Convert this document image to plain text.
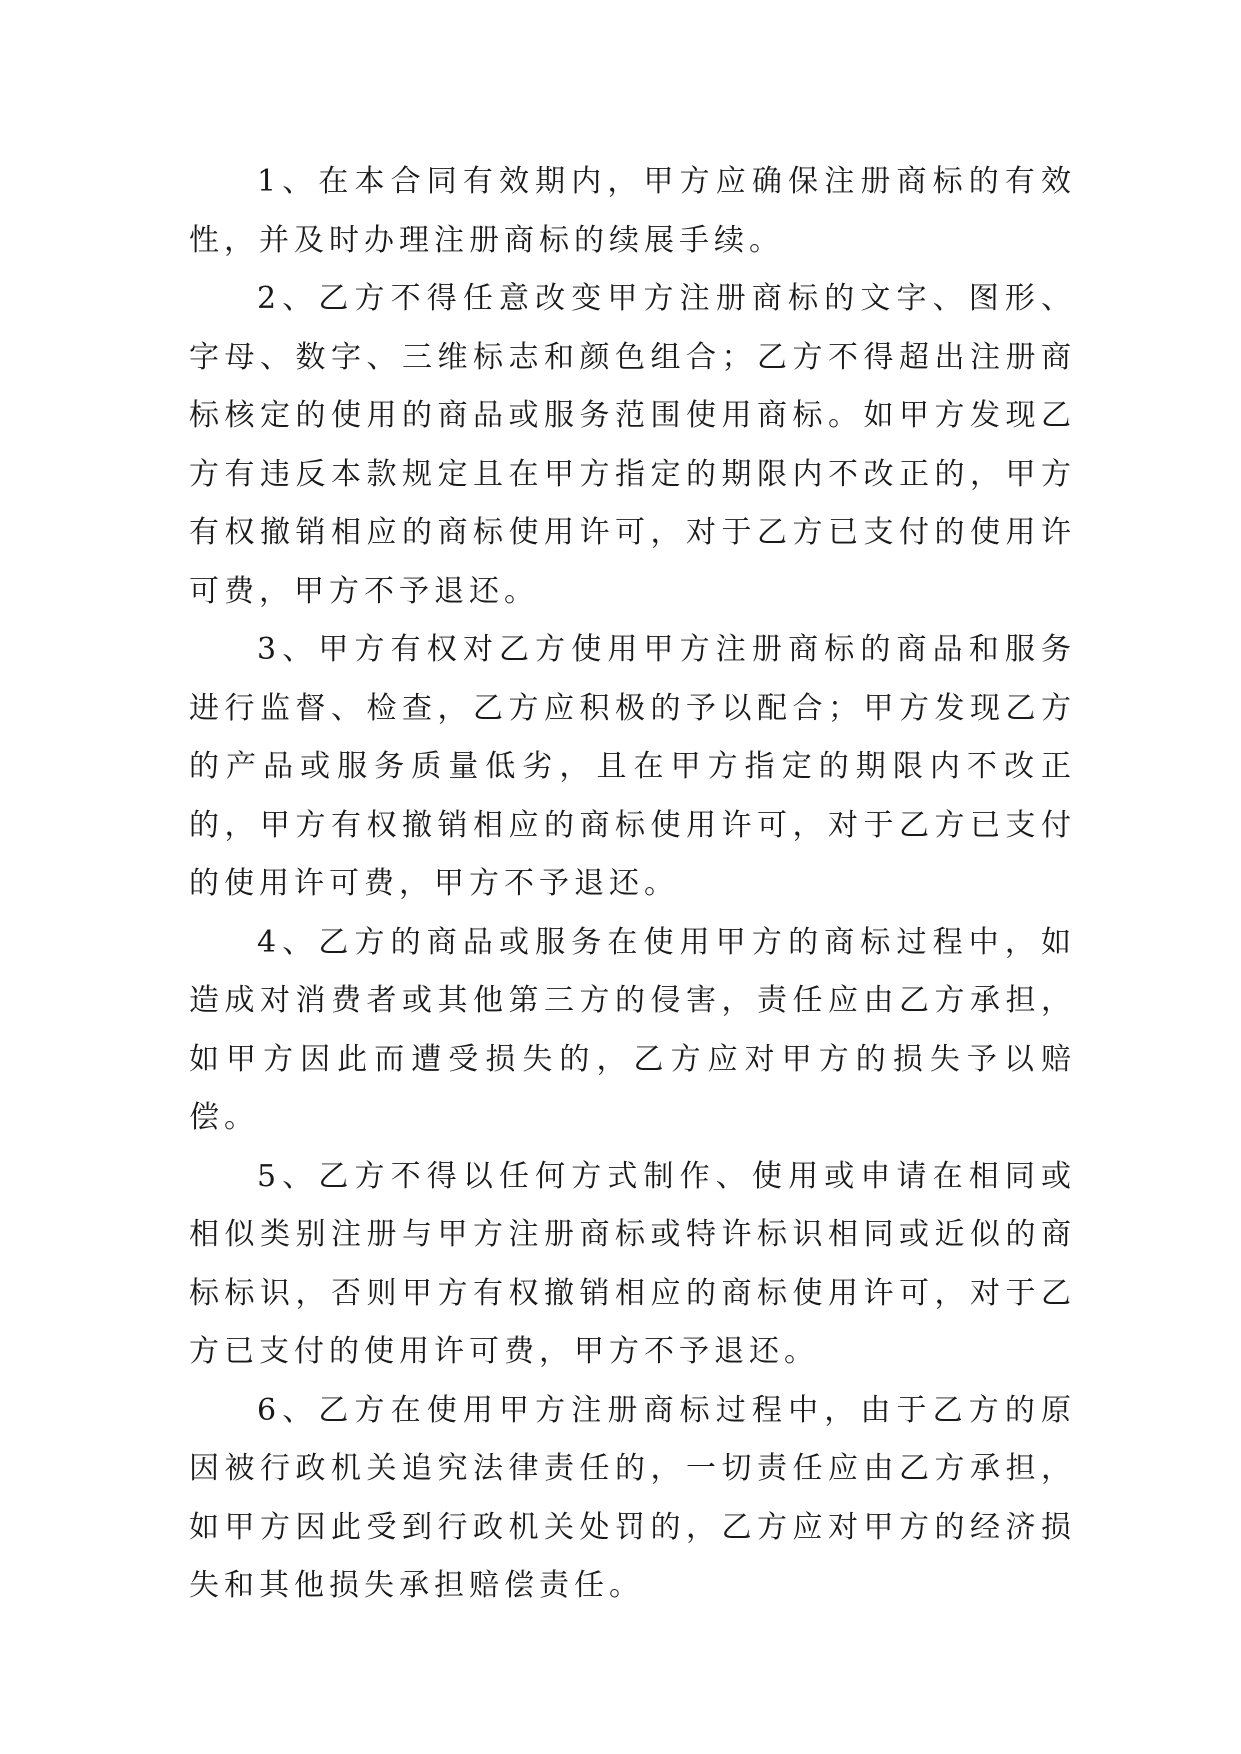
1、在本合同有效期内，甲方应确保注册商标的有效性，并及时办理注册商标的续展手续。

2、乙方不得任意改变甲方注册商标的文字、图形、字母、数字、三维标志和颜色组合；乙方不得超出注册商标核定的使用的商品或服务范围使用商标。如甲方发现乙方有违反本款规定且在甲方指定的期限内不改正的，甲方有权撤销相应的商标使用许可，对于乙方已支付的使用许可费，甲方不予退还。

3、甲方有权对乙方使用甲方注册商标的商品和服务进行监督、检查，乙方应积极的予以配合；甲方发现乙方的产品或服务质量低劣，且在甲方指定的期限内不改正的，甲方有权撤销相应的商标使用许可，对于乙方已支付的使用许可费，甲方不予退还。

4、乙方的商品或服务在使用甲方的商标过程中，如造成对消费者或其他第三方的侵害，责任应由乙方承担，如甲方因此而遭受损失的，乙方应对甲方的损失予以赔偿。

5、乙方不得以任何方式制作、使用或申请在相同或相似类别注册与甲方注册商标或特许标识相同或近似的商标标识，否则甲方有权撤销相应的商标使用许可，对于乙方已支付的使用许可费，甲方不予退还。

6、乙方在使用甲方注册商标过程中，由于乙方的原因被行政机关追究法律责任的，一切责任应由乙方承担，如甲方因此受到行政机关处罚的，乙方应对甲方的经济损失和其他损失承担赔偿责任。
